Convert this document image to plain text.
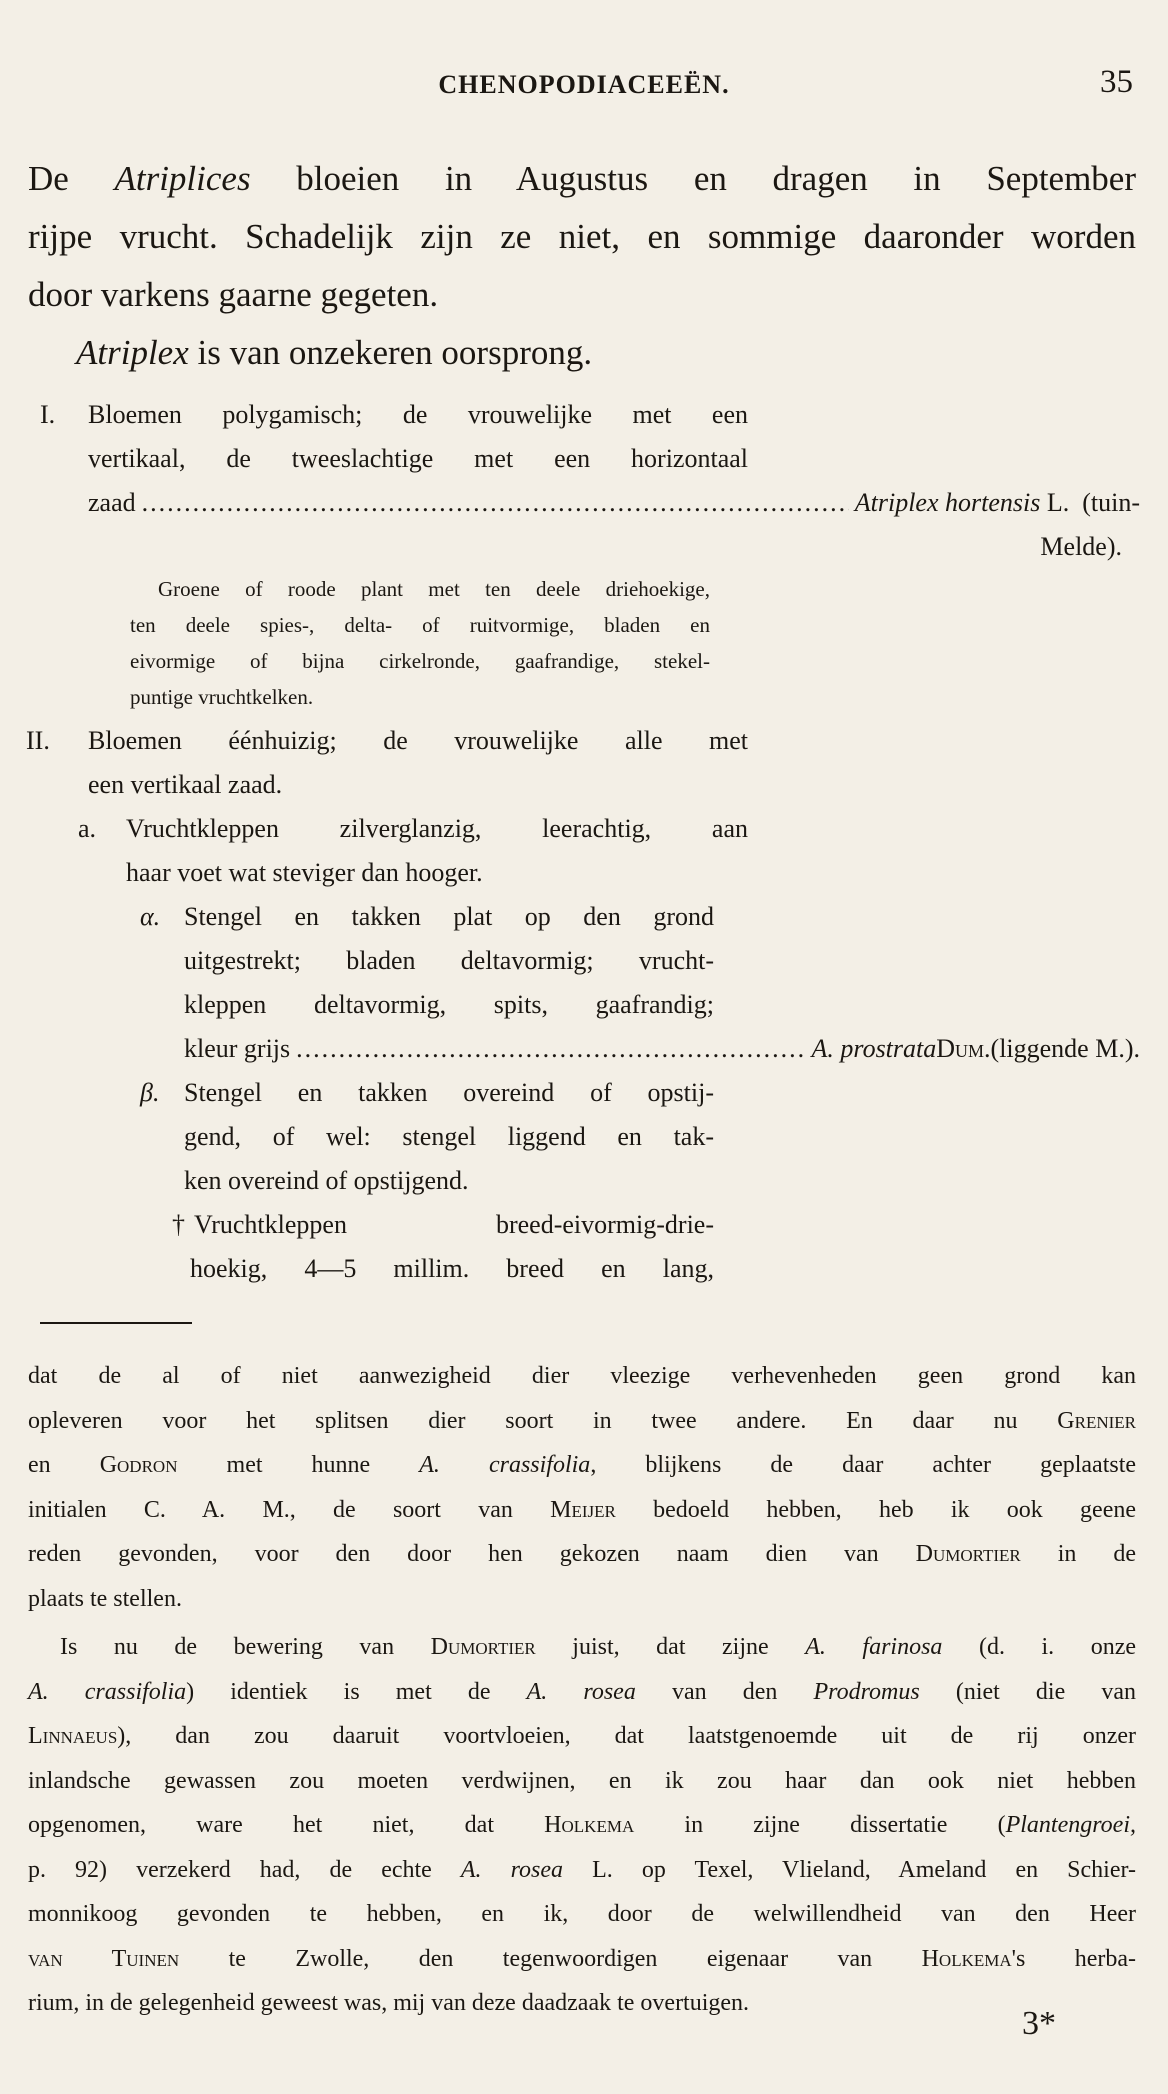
CHENOPODIACEEËN.	35
De Atriplices bloeien in Augustus en dragen in September
rijpe vrucht. Schadelijk zijn ze niet, en sommige daaronder worden
door varkens gaarne gegeten.
Atriplex is van onzekeren oorsprong.
I.	Bloemen polygamisch; de vrouwelijke met een
vertikaal, de tweeslachtige met een horizontaal
zaad .....	Atriplex hortensis
L.
(tuin-
Melde).
Groene of roode plant met ten deele driehoekige,
ten deele spies-, delta- of ruitvormige, bladen en
eivormige of bijna cirkelronde, gaafrandige, stekel-
puntige vruchtkelken.
II.	Bloemen éénhuizig; de vrouwelijke alle met
een vertikaal zaad.
a.	Vruchtkleppen zilverglanzig, leerachtig, aan
haar voet wat steviger dan hooger.
α. Stengel en takken plat op den grond
uitgestrekt; bladen deltavormig; vrucht-
kleppen deltavormig, spits, gaafrandig;
kleur grijs .....	A. prostrata Dum. (liggende M.).
β. Stengel en takken overeind of opstij-
gend, of wel: stengel liggend en tak-
ken overeind of opstijgend.
† Vruchtkleppen breed-eivormig-drie-
hoekig, 4—5 millim. breed en lang,

dat de al of niet aanwezigheid dier vleezige verhevenheden geen grond kan
opleveren voor het splitsen dier soort in twee andere. En daar nu Grenier
en Godron met hunne A. crassifolia, blijkens de daar achter geplaatste
initialen C. A. M., de soort van Meijer bedoeld hebben, heb ik ook geene
reden gevonden, voor den door hen gekozen naam dien van Dumortier in de
plaats te stellen.

Is nu de bewering van Dumortier juist, dat zijne A. farinosa (d. i. onze
A. crassifolia) identiek is met de A. rosea van den Prodromus (niet die van
Linnaeus), dan zou daaruit voortvloeien, dat laatstgenoemde uit de rij onzer
inlandsche gewassen zou moeten verdwijnen, en ik zou haar dan ook niet hebben
opgenomen, ware het niet, dat Holkema in zijne dissertatie (Plantengroei,
p. 92) verzekerd had, de echte A. rosea L. op Texel, Vlieland, Ameland en Schier-
monnikoog gevonden te hebben, en ik, door de welwillendheid van den Heer
van Tuinen te Zwolle, den tegenwoordigen eigenaar van Holkema's herba-
rium, in de gelegenheid geweest was, mij van deze daadzaak te overtuigen.

3*
